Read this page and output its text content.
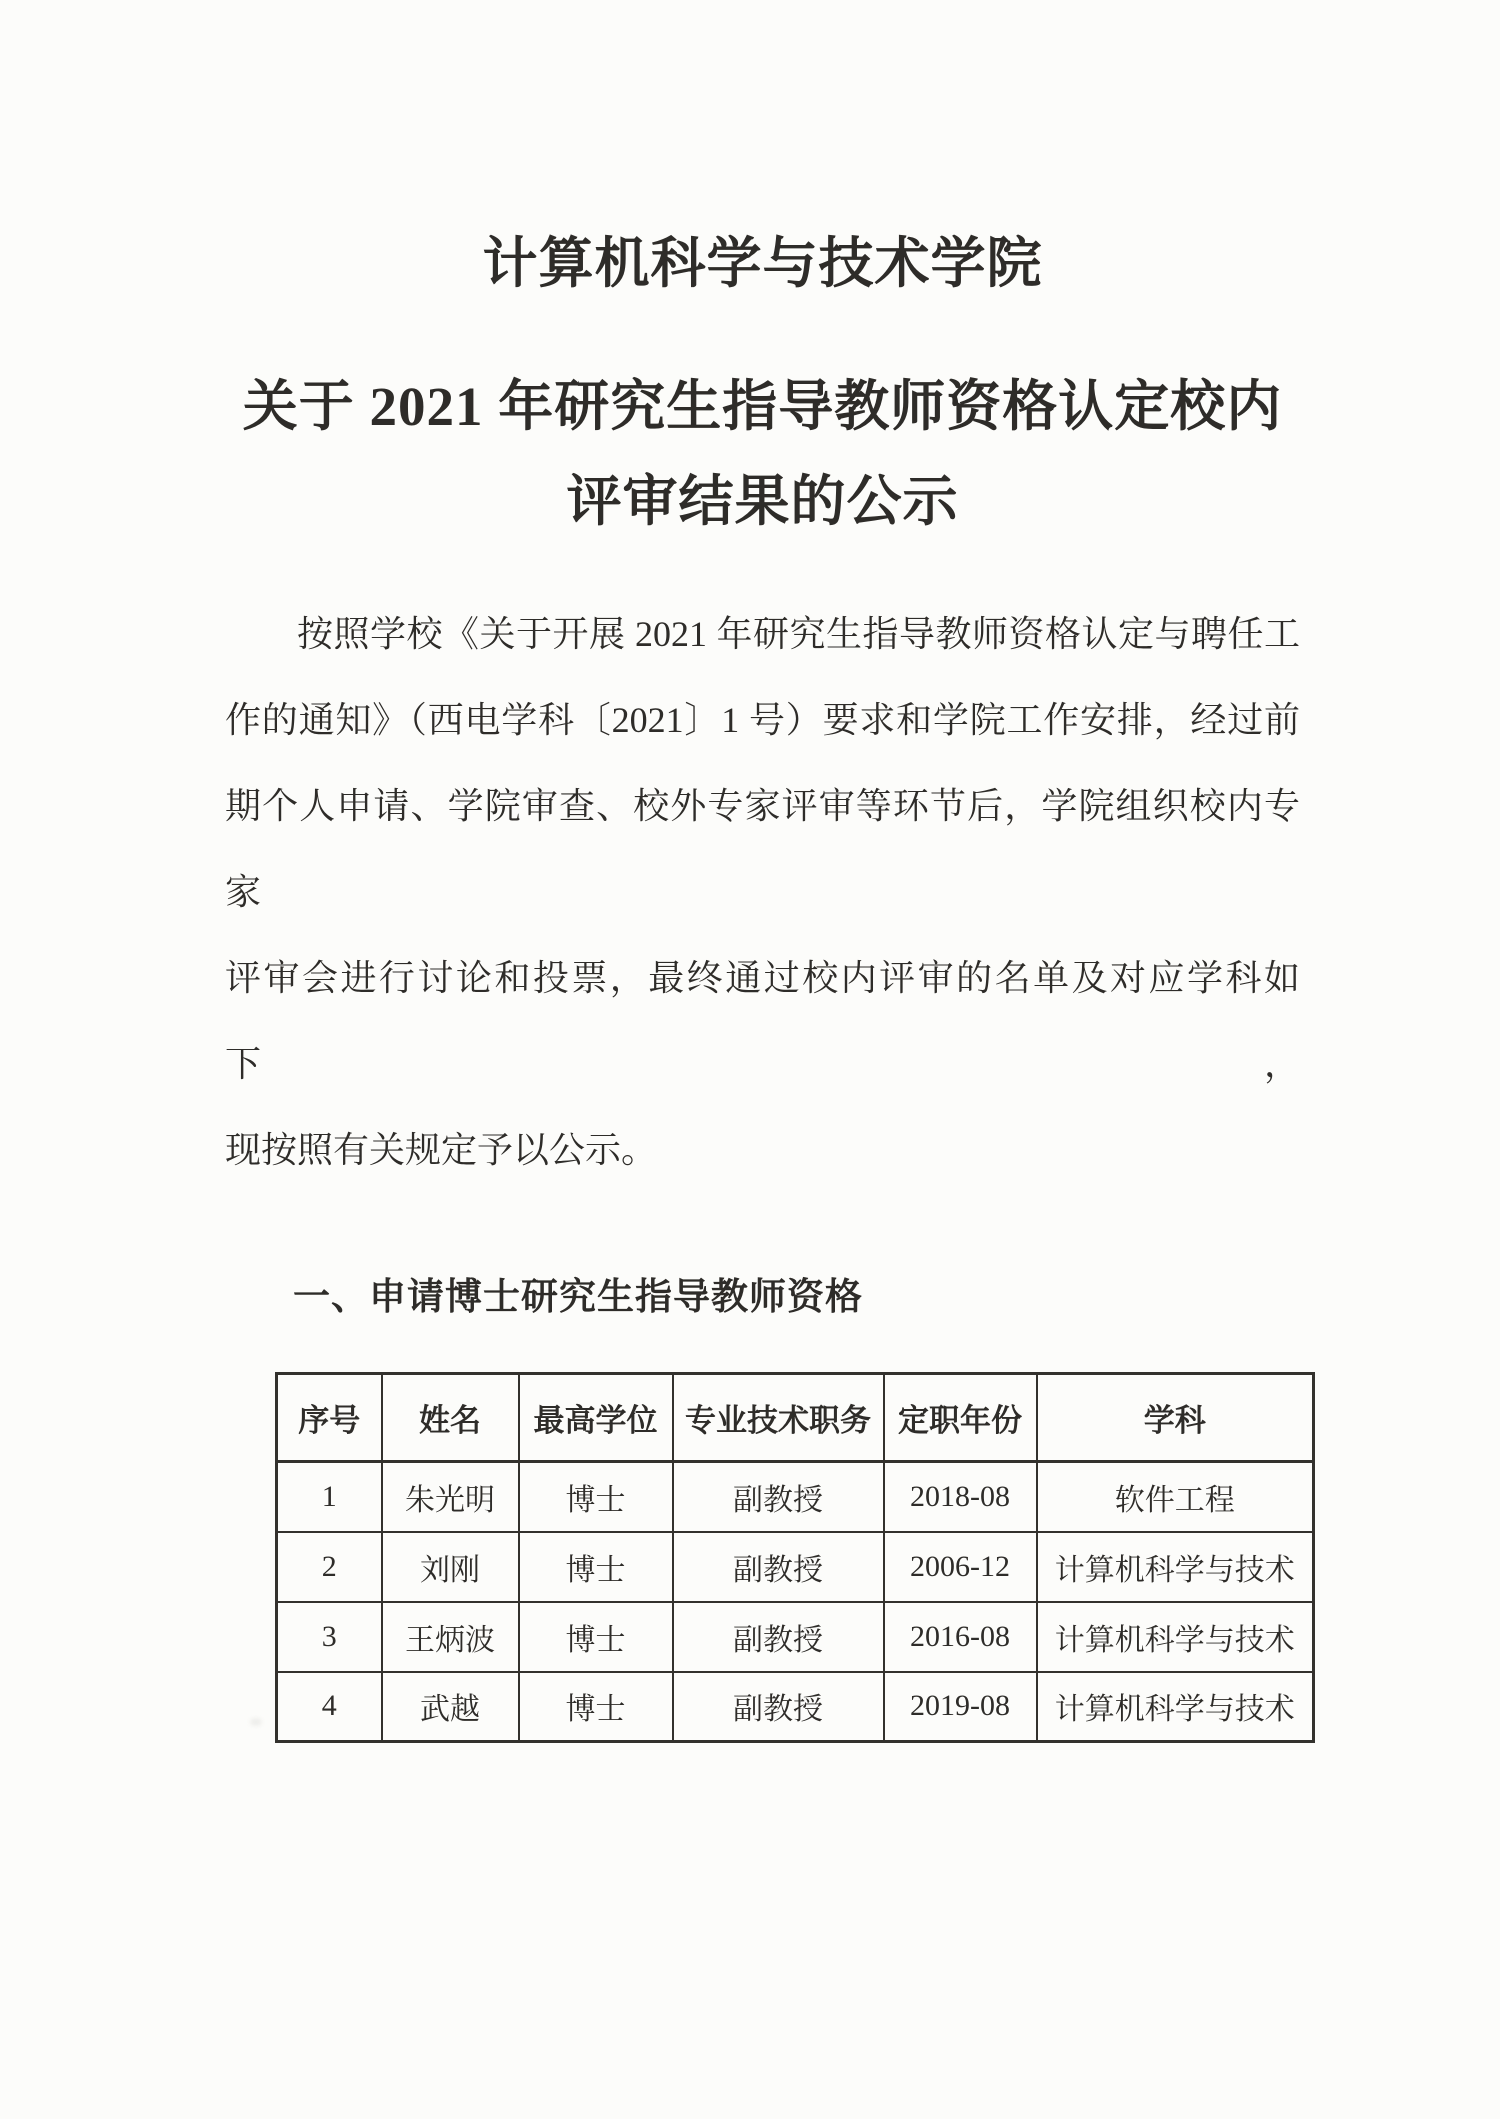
计算机科学与技术学院
关于 2021 年研究生指导教师资格认定校内
评审结果的公示
按照学校《关于开展 2021 年研究生指导教师资格认定与聘任工
作的通知》（西电学科〔2021〕1 号）要求和学院工作安排，经过前
期个人申请、学院审查、校外专家评审等环节后，学院组织校内专家
评审会进行讨论和投票，最终通过校内评审的名单及对应学科如下，
现按照有关规定予以公示。
一、申请博士研究生指导教师资格
序号	姓名	最高学位	专业技术职务	定职年份	学科
1	朱光明	博士	副教授	2018-08	软件工程
2	刘刚	博士	副教授	2006-12	计算机科学与技术
3	王炳波	博士	副教授	2016-08	计算机科学与技术
4	武越	博士	副教授	2019-08	计算机科学与技术
